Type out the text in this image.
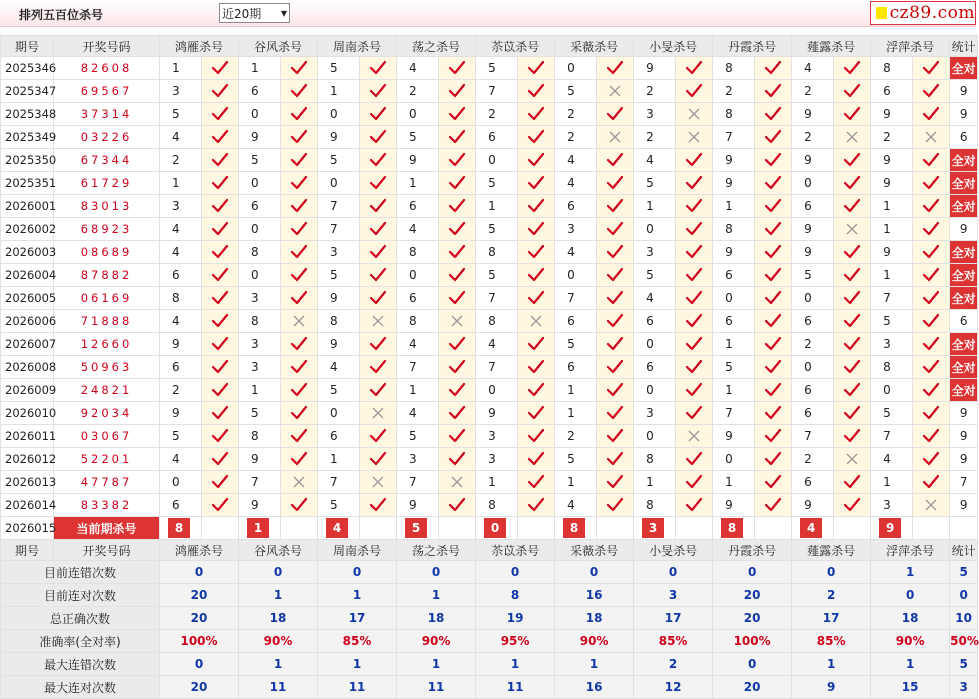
排列五百位杀号	近20期 ▾	cz89.com
期号	开奖号码	鸿雁杀号		谷风杀号		周南杀号		荡之杀号		苶苡杀号		采薇杀号		小旻杀号		丹霞杀号		薤露杀号		浮萍杀号		统计
2025346	82608	1		1		5		4		5		0		9		8		4		8		全对
2025347	69567	3		6		1		2		7		5		2		2		2		6		9
2025348	37314	5		0		0		0		2		2		3		8		9		9		9
2025349	03226	4		9		9		5		6		2		2		7		2		2		6
2025350	67344	2		5		5		9		0		4		4		9		9		9		全对
2025351	61729	1		0		0		1		5		4		5		9		0		9		全对
2026001	83013	3		6		7		6		1		6		1		1		6		1		全对
2026002	68923	4		0		7		4		5		3		0		8		9		1		9
2026003	08689	4		8		3		8		8		4		3		9		9		9		全对
2026004	87882	6		0		5		0		5		0		5		6		5		1		全对
2026005	06169	8		3		9		6		7		7		4		0		0		7		全对
2026006	71888	4		8		8		8		8		6		6		6		6		5		6
2026007	12660	9		3		9		4		4		5		0		1		2		3		全对
2026008	50963	6		3		4		7		7		6		6		5		0		8		全对
2026009	24821	2		1		5		1		0		1		0		1		6		0		全对
2026010	92034	9		5		0		4		9		1		3		7		6		5		9
2026011	03067	5		8		6		5		3		2		0		9		7		7		9
2026012	52201	4		9		1		3		3		5		8		0		2		4		9
2026013	47787	0		7		7		7		1		1		1		1		6		1		7
2026014	83382	6		9		5		9		8		4		8		9		9		3		9
2026015	当前期杀号	8		1		4		5		0		8		3		8		4		9		
期号	开奖号码	鸿雁杀号		谷风杀号		周南杀号		荡之杀号		苶苡杀号		采薇杀号		小旻杀号		丹霞杀号		薤露杀号		浮萍杀号		统计
目前连错次数		0		0		0		0		0		0		0		0		0		1		5
目前连对次数		20		1		1		1		8		16		3		20		2		0		0
总正确次数		20		18		17		18		19		18		17		20		17		18		10
准确率(全对率)		100%		90%		85%		90%		95%		90%		85%		100%		85%		90%		50%
最大连错次数		0		1		1		1		1		1		2		0		1		1		5
最大连对次数		20		11		11		11		11		16		12		20		9		15		3
